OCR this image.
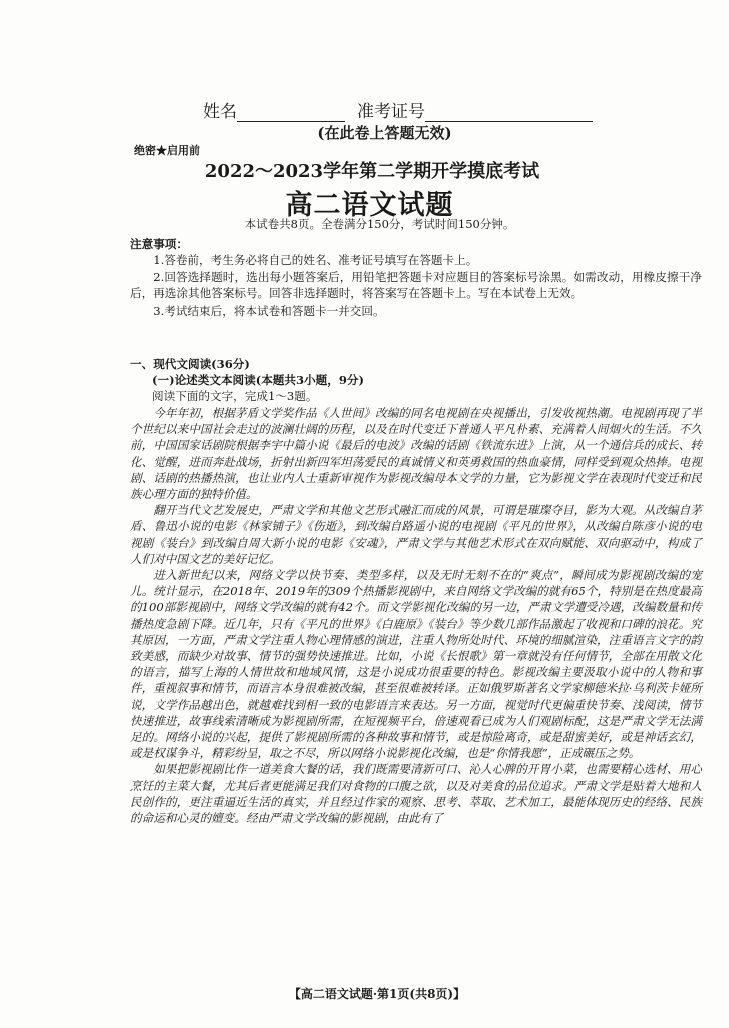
姓名	准考证号
(在此卷上答题无效)
绝密★启用前
2022～2023学年第二学期开学摸底考试
高二语文试题
本试卷共8页。全卷满分150分，考试时间150分钟。
注意事项：

1.答卷前，考生务必将自己的姓名、准考证号填写在答题卡上。

2.回答选择题时，选出每小题答案后，用铅笔把答题卡对应题目的答案标号涂黑。如需改动，用橡皮擦干净后，再选涂其他答案标号。回答非选择题时，将答案写在答题卡上。写在本试卷上无效。

3.考试结束后，将本试卷和答题卡一并交回。

一、现代文阅读(36分)
(一)论述类文本阅读(本题共3小题，9分)
阅读下面的文字，完成1～3题。

今年年初，根据茅盾文学奖作品《人世间》改编的同名电视剧在央视播出，引发收视热潮。电视剧再现了半个世纪以来中国社会走过的波澜壮阔的历程，以及在时代变迁下普通人平凡朴素、充满着人间烟火的生活。不久前，中国国家话剧院根据李宇中篇小说《最后的电波》改编的话剧《铁流东进》上演，从一个通信兵的成长、转化、觉醒，进而奔赴战场，折射出新四军坦荡爱民的真诚情义和英勇救国的热血豪情，同样受到观众热捧。电视剧、话剧的热播热演，也让业内人士重新审视作为影视改编母本文学的力量，它为影视文学在表现时代变迁和民族心理方面的独特价值。

翻开当代文艺发展史，严肃文学和其他文艺形式融汇而成的风景，可谓是璀璨夺目，影为大观。从改编自茅盾、鲁迅小说的电影《林家铺子》《伤逝》，到改编自路遥小说的电视剧《平凡的世界》，从改编自陈彦小说的电视剧《装台》到改编自周大新小说的电影《安魂》，严肃文学与其他艺术形式在双向赋能、双向驱动中，构成了人们对中国文艺的美好记忆。

进入新世纪以来，网络文学以快节奏、类型多样，以及无时无刻不在的“爽点”，瞬间成为影视剧改编的宠儿。统计显示，在2018年、2019年的309个热播影视剧中，来自网络文学改编的就有65个，特别是在热度最高的100部影视剧中，网络文学改编的就有42个。而文学影视化改编的另一边，严肃文学遭受冷遇，改编数量和传播热度急剧下降。近几年，只有《平凡的世界》《白鹿原》《装台》等少数几部作品激起了收视和口碑的浪花。究其原因，一方面，严肃文学注重人物心理情感的演进，注重人物所处时代、环境的细腻渲染，注重语言文字的韵致美感，而缺少对故事、情节的强势快速推进。比如，小说《长恨歌》第一章就没有任何情节，全部在用散文化的语言，描写上海的人情世故和地域风情，这是小说成功很重要的特色。影视改编主要汲取小说中的人物和事件，重视叙事和情节，而语言本身很难被改编，甚至很难被转译。正如俄罗斯著名文学家柳德米拉·乌利茨卡娅所说，文学作品越出色，就越难找到相一致的电影语言来表达。另一方面，视觉时代更偏重快节奏、浅阅读，情节快速推进，故事线索清晰成为影视剧所需，在短视频平台，倍速观看已成为人们观剧标配，这是严肃文学无法满足的。网络小说的兴起，提供了影视剧所需的各种故事和情节，或是惊险离奇，或是甜蜜美好，或是神话玄幻，或是权谋争斗，精彩纷呈，取之不尽，所以网络小说影视化改编，也是“你情我愿”，正成碾压之势。

如果把影视剧比作一道美食大餐的话，我们既需要清新可口、沁人心脾的开胃小菜，也需要精心选材、用心烹饪的主菜大餐，尤其后者更能满足我们对食物的口腹之欲，以及对美食的品位追求。严肃文学是贴着大地和人民创作的，更注重逼近生活的真实，并且经过作家的观察、思考、萃取、艺术加工，最能体现历史的经络、民族的命运和心灵的嬗变。经由严肃文学改编的影视剧，由此有了

【高二语文试题·第1页(共8页)】
